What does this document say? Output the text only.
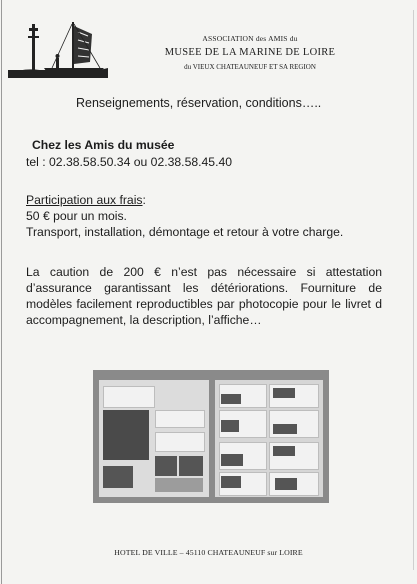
ASSOCIATION des AMIS du
MUSEE DE LA MARINE DE LOIRE
du VIEUX CHATEAUNEUF ET SA REGION
Renseignements, réservation, conditions…..
Chez les Amis du musée
tel : 02.38.58.50.34 ou 02.38.58.45.40
Participation aux frais:
50 € pour un mois.
Transport, installation, démontage et retour à votre charge.
La caution de 200 € n’est pas nécessaire si attestation d’assurance garantissant les détériorations. Fourniture de modèles facilement reproductibles par photocopie pour le livret d accompagnement, la description, l’affiche…
HOTEL DE VILLE – 45110 CHATEAUNEUF sur LOIRE
